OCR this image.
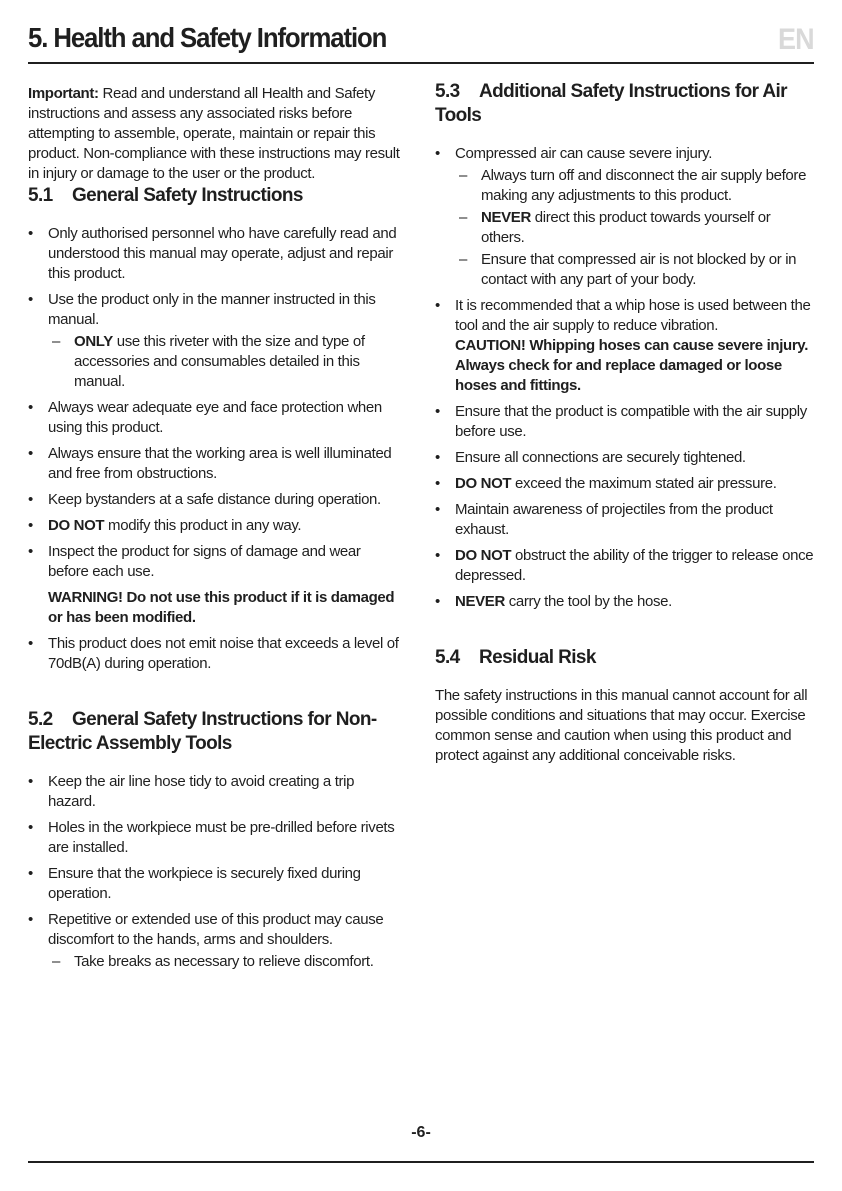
5. Health and Safety Information	EN

Important: Read and understand all Health and Safety instructions and assess any associated risks before attempting to assemble, operate, maintain or repair this product. Non-compliance with these instructions may result in injury or damage to the user or the product.

5.1 General Safety Instructions
• Only authorised personnel who have carefully read and understood this manual may operate, adjust and repair this product.
• Use the product only in the manner instructed in this manual.
– ONLY use this riveter with the size and type of accessories and consumables detailed in this manual.
• Always wear adequate eye and face protection when using this product.
• Always ensure that the working area is well illuminated and free from obstructions.
• Keep bystanders at a safe distance during operation.
• DO NOT modify this product in any way.
• Inspect the product for signs of damage and wear before each use.
WARNING! Do not use this product if it is damaged or has been modified.
• This product does not emit noise that exceeds a level of 70dB(A) during operation.
5.2 General Safety Instructions for Non-Electric Assembly Tools
• Keep the air line hose tidy to avoid creating a trip hazard.
• Holes in the workpiece must be pre-drilled before rivets are installed.
• Ensure that the workpiece is securely fixed during operation.
• Repetitive or extended use of this product may cause discomfort to the hands, arms and shoulders.
– Take breaks as necessary to relieve discomfort.
5.3 Additional Safety Instructions for Air Tools
• Compressed air can cause severe injury.
– Always turn off and disconnect the air supply before making any adjustments to this product.
– NEVER direct this product towards yourself or others.
– Ensure that compressed air is not blocked by or in contact with any part of your body.
• It is recommended that a whip hose is used between the tool and the air supply to reduce vibration.
CAUTION! Whipping hoses can cause severe injury. Always check for and replace damaged or loose hoses and fittings.
• Ensure that the product is compatible with the air supply before use.
• Ensure all connections are securely tightened.
• DO NOT exceed the maximum stated air pressure.
• Maintain awareness of projectiles from the product exhaust.
• DO NOT obstruct the ability of the trigger to release once depressed.
• NEVER carry the tool by the hose.
5.4 Residual Risk

The safety instructions in this manual cannot account for all possible conditions and situations that may occur. Exercise common sense and caution when using this product and protect against any additional conceivable risks.

-6-
